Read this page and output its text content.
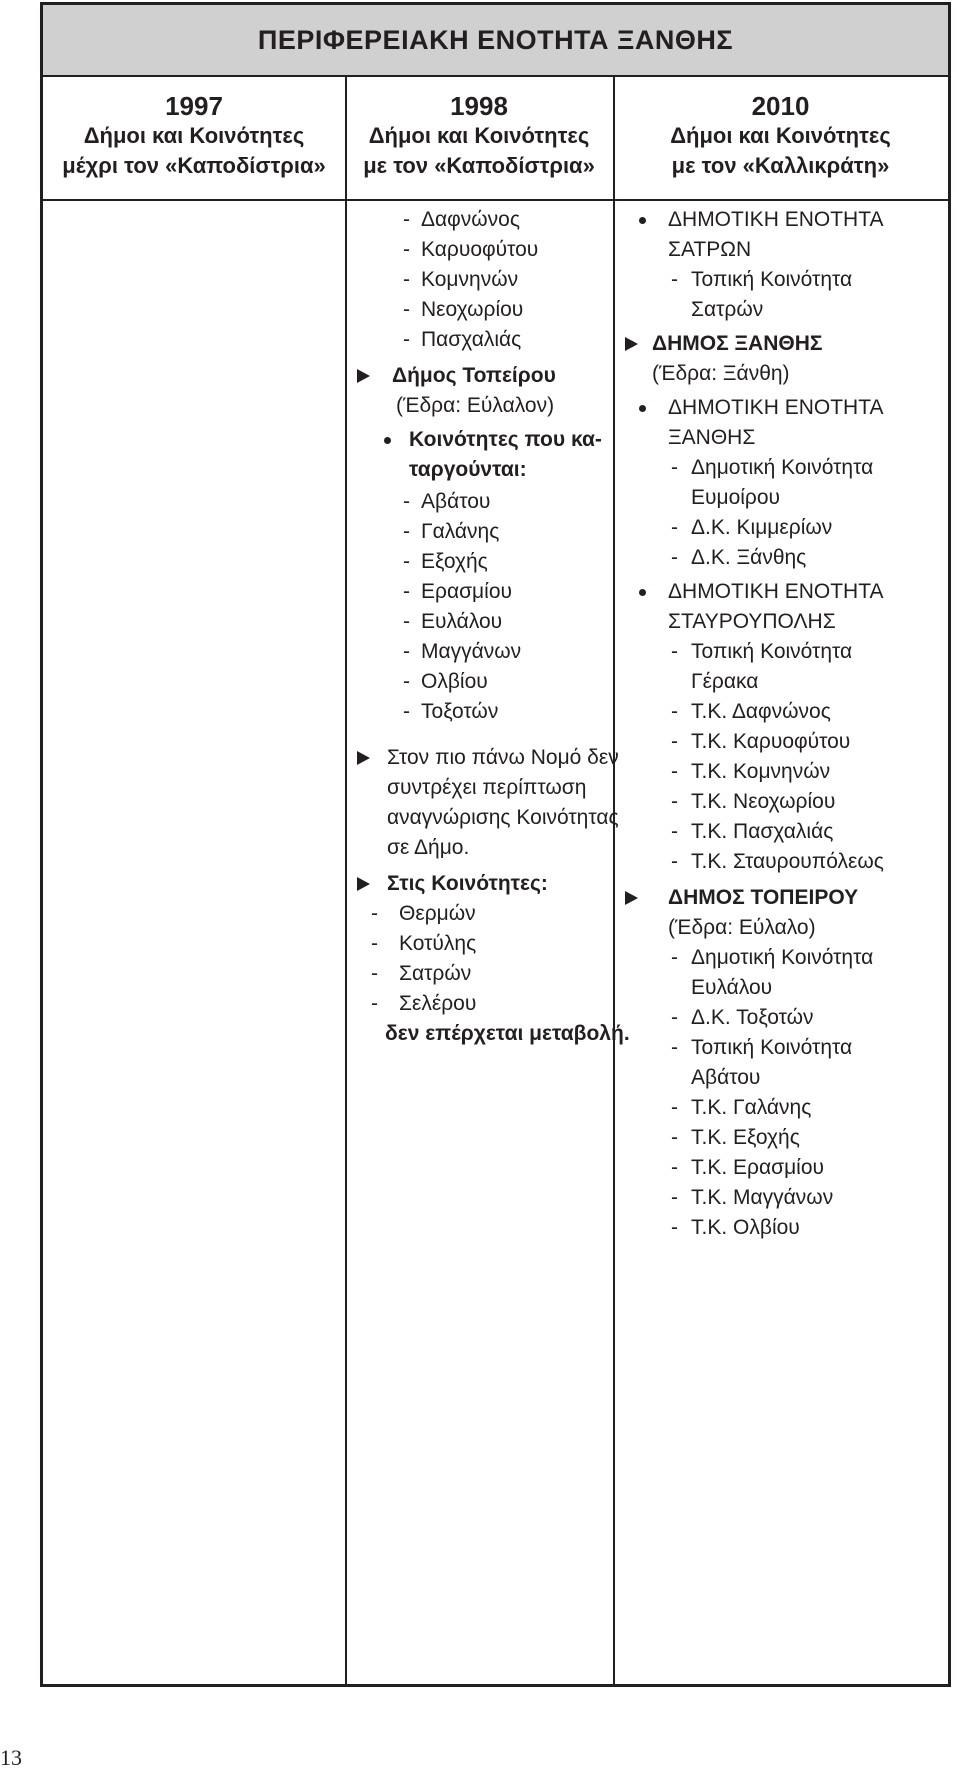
ΠΕΡΙΦΕΡΕΙΑΚΗ ΕΝΟΤΗΤΑ ΞΑΝΘΗΣ
1997
Δήμοι και Κοινότητες
μέχρι τον «Καποδίστρια»
1998
Δήμοι και Κοινότητες
με τον «Καποδίστρια»
2010
Δήμοι και Κοινότητες
με τον «Καλλικράτη»
- Δαφνώνος
- Καρυοφύτου
- Κομνηνών
- Νεοχωρίου
- Πασχαλιάς
Δήμος Τοπείρου
(Έδρα: Εύλαλον)
Κοινότητες που κα-
ταργούνται:
- Αβάτου
- Γαλάνης
- Εξοχής
- Ερασμίου
- Ευλάλου
- Μαγγάνων
- Ολβίου
- Τοξοτών
Στον πιο πάνω Νομό δεν
συντρέχει περίπτωση
αναγνώρισης Κοινότητας
σε Δήμο.
Στις Κοινότητες:
- Θερμών
- Κοτύλης
- Σατρών
- Σελέρου
δεν επέρχεται μεταβολή.
ΔΗΜΟΤΙΚΗ ΕΝΟΤΗΤΑ
ΣΑΤΡΩΝ
- Τοπική Κοινότητα
Σατρών
ΔΗΜΟΣ ΞΑΝΘΗΣ
(Έδρα: Ξάνθη)
ΔΗΜΟΤΙΚΗ ΕΝΟΤΗΤΑ
ΞΑΝΘΗΣ
- Δημοτική Κοινότητα
Ευμοίρου
- Δ.Κ. Κιμμερίων
- Δ.Κ. Ξάνθης
ΔΗΜΟΤΙΚΗ ΕΝΟΤΗΤΑ
ΣΤΑΥΡΟΥΠΟΛΗΣ
- Τοπική Κοινότητα
Γέρακα
- Τ.Κ. Δαφνώνος
- Τ.Κ. Καρυοφύτου
- Τ.Κ. Κομνηνών
- Τ.Κ. Νεοχωρίου
- Τ.Κ. Πασχαλιάς
- Τ.Κ. Σταυρουπόλεως
ΔΗΜΟΣ ΤΟΠΕΙΡΟΥ
(Έδρα: Εύλαλο)
- Δημοτική Κοινότητα
Ευλάλου
- Δ.Κ. Τοξοτών
- Τοπική Κοινότητα
Αβάτου
- Τ.Κ. Γαλάνης
- Τ.Κ. Εξοχής
- Τ.Κ. Ερασμίου
- Τ.Κ. Μαγγάνων
- Τ.Κ. Ολβίου
13
